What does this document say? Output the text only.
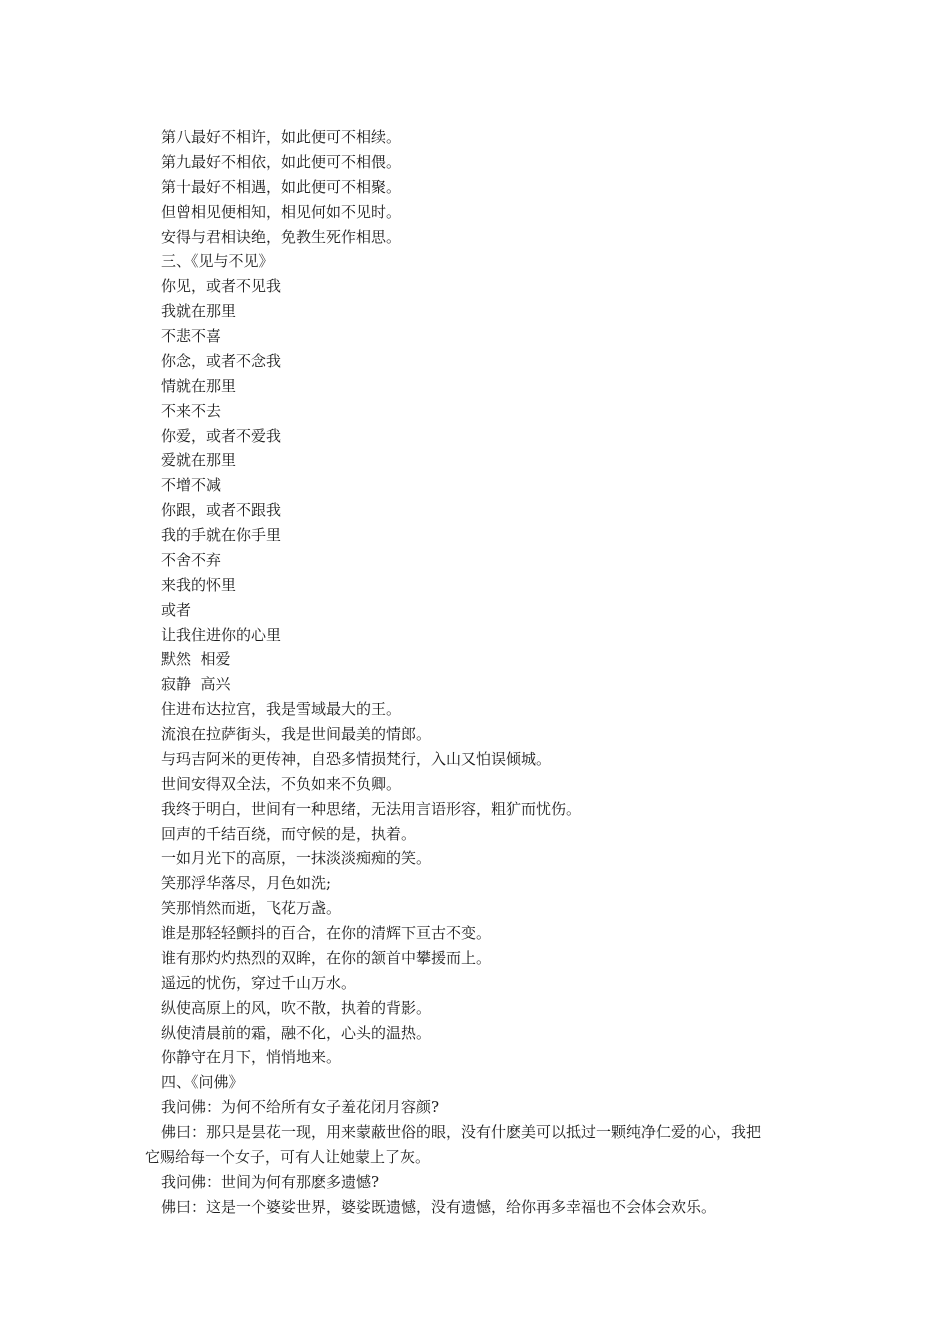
第八最好不相许，如此便可不相续。
第九最好不相依，如此便可不相偎。
第十最好不相遇，如此便可不相聚。
但曾相见便相知，相见何如不见时。
安得与君相诀绝，免教生死作相思。
三、《见与不见》
你见，或者不见我
我就在那里
不悲不喜
你念，或者不念我
情就在那里
不来不去
你爱，或者不爱我
爱就在那里
不增不减
你跟，或者不跟我
我的手就在你手里
不舍不弃
来我的怀里
或者
让我住进你的心里
默然  相爱
寂静  高兴
住进布达拉宫，我是雪域最大的王。
流浪在拉萨街头，我是世间最美的情郎。
与玛吉阿米的更传神，自恐多情损梵行，入山又怕误倾城。
世间安得双全法，不负如来不负卿。
我终于明白，世间有一种思绪，无法用言语形容，粗犷而忧伤。
回声的千结百绕，而守候的是，执着。
一如月光下的高原，一抹淡淡痴痴的笑。
笑那浮华落尽，月色如洗;
笑那悄然而逝，飞花万盏。
谁是那轻轻颤抖的百合，在你的清辉下亘古不变。
谁有那灼灼热烈的双眸，在你的颔首中攀援而上。
遥远的忧伤，穿过千山万水。
纵使高原上的风，吹不散，执着的背影。
纵使清晨前的霜，融不化，心头的温热。
你静守在月下，悄悄地来。
四、《问佛》
我问佛：为何不给所有女子羞花闭月容颜?
佛曰：那只是昙花一现，用来蒙蔽世俗的眼，没有什麽美可以抵过一颗纯净仁爱的心，我把
它赐给每一个女子，可有人让她蒙上了灰。
我问佛：世间为何有那麽多遗憾?
佛曰：这是一个婆娑世界，婆娑既遗憾，没有遗憾，给你再多幸福也不会体会欢乐。
